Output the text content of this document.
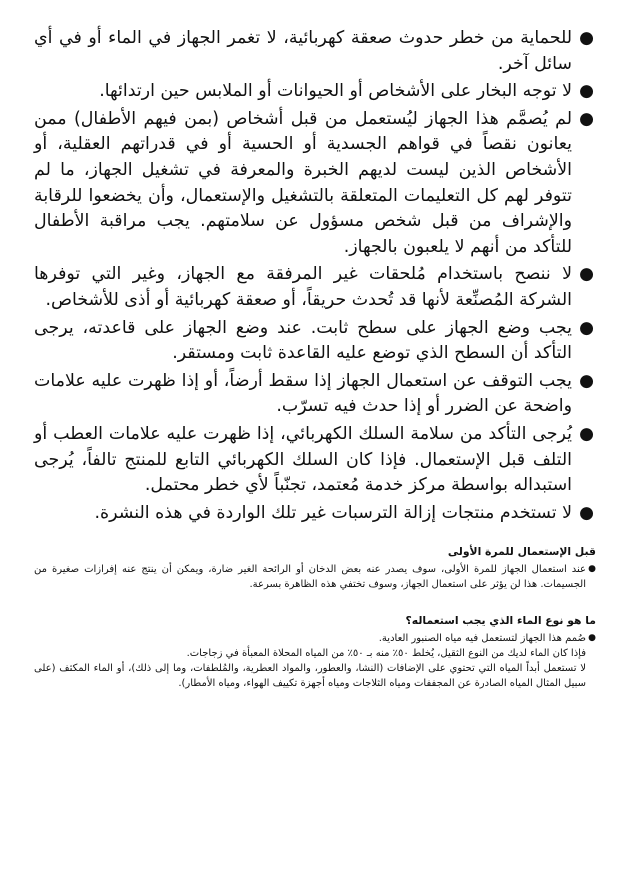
●
للحماية من خطر حدوث صعقة كهربائية، لا تغمر الجهاز في الماء أو في أي سائل آخر.
●
لا توجه البخار على الأشخاص أو الحيوانات أو الملابس حين ارتدائها.
●
لم يُصمَّم هذا الجهاز ليُستعمل من قبل أشخاص (بمن فيهم الأطفال) ممن يعانون نقصاً في قواهم الجسدية أو الحسية أو في قدراتهم العقلية، أو الأشخاص الذين ليست لديهم الخبرة والمعرفة في تشغيل الجهاز، ما لم تتوفر لهم كل التعليمات المتعلقة بالتشغيل والإستعمال، وأن يخضعوا للرقابة والإشراف من قبل شخص مسؤول عن سلامتهم. يجب مراقبة الأطفال للتأكد من أنهم لا يلعبون بالجهاز.
●
لا ننصح باستخدام مُلحقات غير المرفقة مع الجهاز، وغير التي توفرها الشركة المُصنِّعة لأنها قد تُحدث حريقاً، أو صعقة كهربائية أو أذى للأشخاص.
●
يجب وضع الجهاز على سطح ثابت. عند وضع الجهاز على قاعدته، يرجى التأكد أن السطح الذي توضع عليه القاعدة ثابت ومستقر.
●
يجب التوقف عن استعمال الجهاز إذا سقط أرضاً، أو إذا ظهرت عليه علامات واضحة عن الضرر أو إذا حدث فيه تسرّب.
●
يُرجى التأكد من سلامة السلك الكهربائي، إذا ظهرت عليه علامات العطب أو التلف قبل الإستعمال. فإذا كان السلك الكهربائي التابع للمنتج تالفاً، يُرجى استبداله بواسطة مركز خدمة مُعتمد، تجنّباً لأي خطر محتمل.
●
لا تستخدم منتجات إزالة الترسبات غير تلك الواردة في هذه النشرة.
قبل الإستعمال للمرة الأولى
●
عند استعمال الجهاز للمرة الأولى، سوف يصدر عنه بعض الدخان أو الرائحة الغير ضارة، ويمكن أن ينتج عنه إفرازات صغيرة من الجسيمات. هذا لن يؤثر على استعمال الجهاز، وسوف تختفي هذه الظاهرة بسرعة.
ما هو نوع الماء الذي يجب استعماله؟
●
صُمم هذا الجهاز لتستعمل فيه مياه الصنبور العادية.
فإذا كان الماء لديك من النوع الثقيل، يُخلط ٥٠٪ منه بـ ٥٠٪ من المياه المحلاة المعبأة في زجاجات.
لا تستعمل أبداً المياه التي تحتوي على الإضافات (النشا، والعطور، والمواد العطرية، والمُلطفات، وما إلى ذلك)، أو الماء المكثف (على سبيل المثال المياه الصادرة عن المجففات ومياه الثلاجات ومياه أجهزة تكييف الهواء، ومياه الأمطار).
